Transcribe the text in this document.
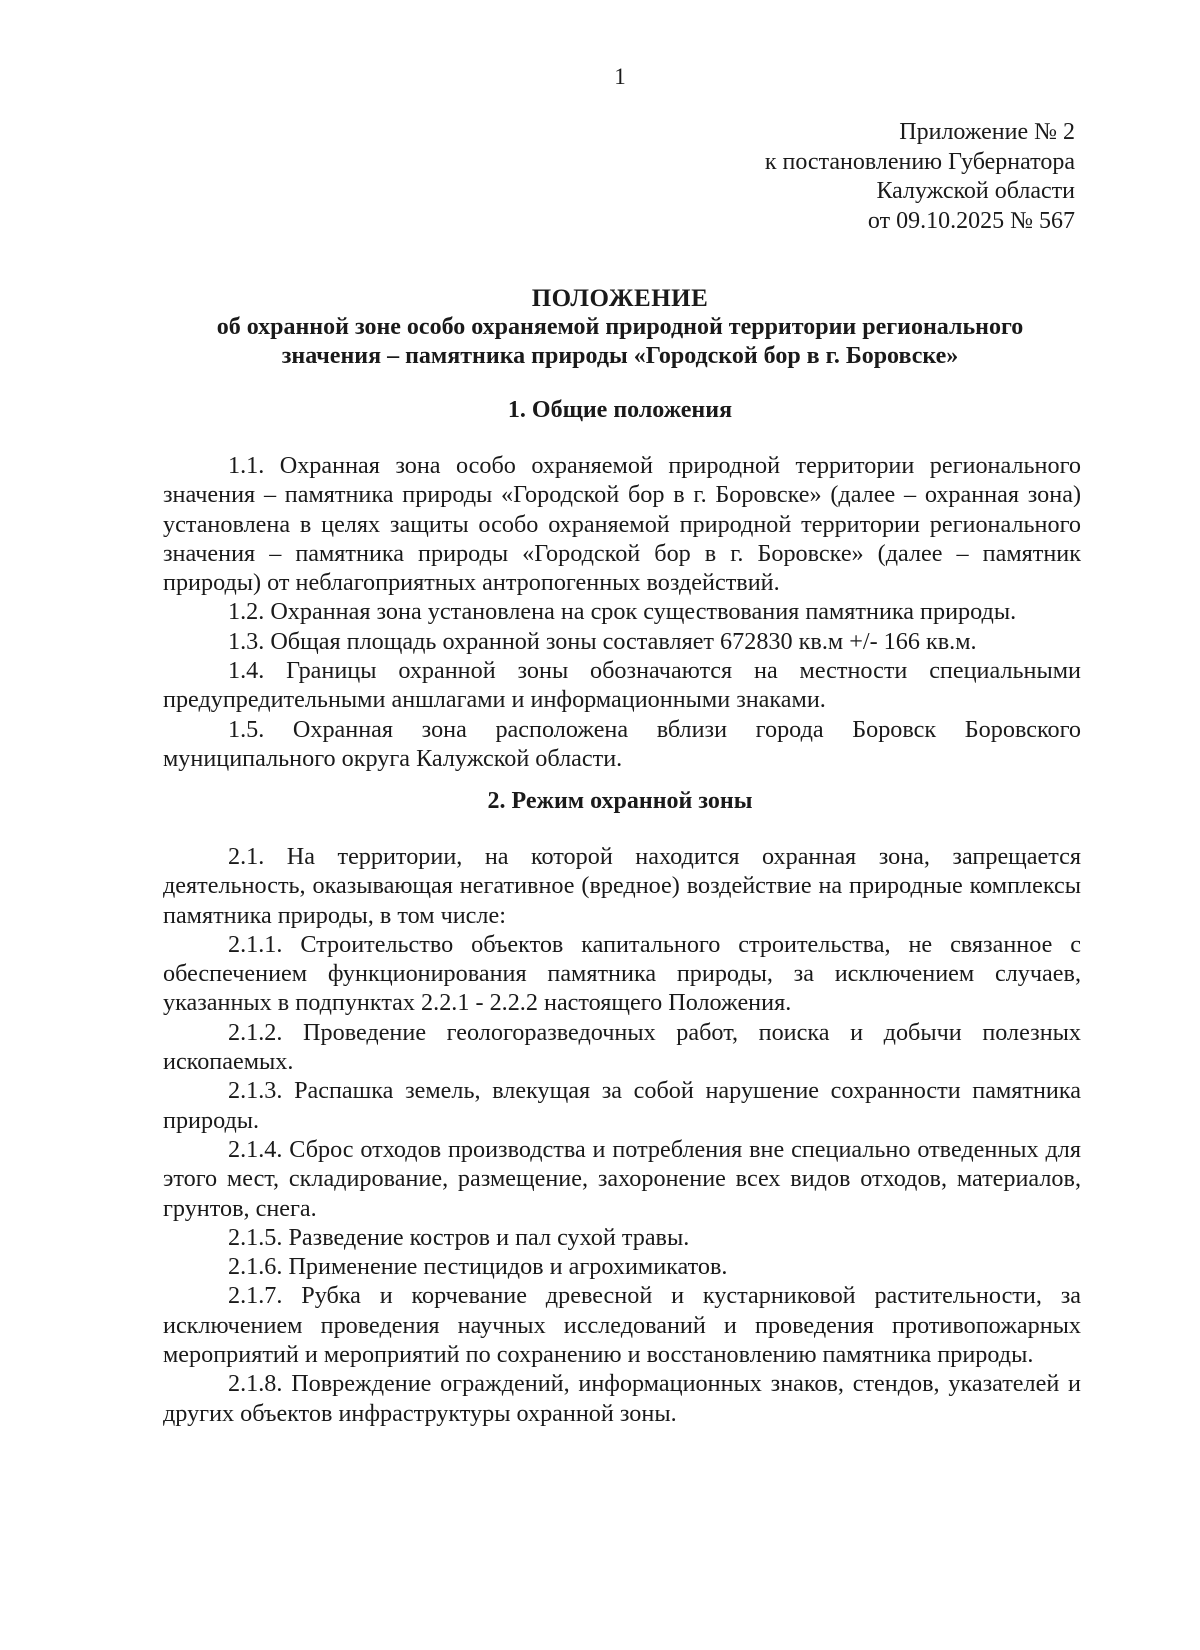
1
Приложение № 2
к постановлению Губернатора
Калужской области
от 09.10.2025 № 567
ПОЛОЖЕНИЕ
об охранной зоне особо охраняемой природной территории регионального
значения – памятника природы «Городской бор в г. Боровске»
1. Общие положения

1.1. Охранная зона особо охраняемой природной территории регионального значения – памятника природы «Городской бор в г. Боровске» (далее – охранная зона) установлена в целях защиты особо охраняемой природной территории регионального значения – памятника природы «Городской бор в г. Боровске» (далее – памятник природы) от неблагоприятных антропогенных воздействий.

1.2. Охранная зона установлена на срок существования памятника природы.

1.3. Общая площадь охранной зоны составляет 672830 кв.м +/- 166 кв.м.

1.4. Границы охранной зоны обозначаются на местности специальными предупредительными аншлагами и информационными знаками.

1.5. Охранная зона расположена вблизи города Боровск Боровского муниципального округа Калужской области.

2. Режим охранной зоны

2.1. На территории, на которой находится охранная зона, запрещается деятельность, оказывающая негативное (вредное) воздействие на природные комплексы памятника природы, в том числе:

2.1.1. Строительство объектов капитального строительства, не связанное с обеспечением функционирования памятника природы, за исключением случаев, указанных в подпунктах 2.2.1 - 2.2.2 настоящего Положения.

2.1.2. Проведение геологоразведочных работ, поиска и добычи полезных ископаемых.

2.1.3. Распашка земель, влекущая за собой нарушение сохранности памятника природы.

2.1.4. Сброс отходов производства и потребления вне специально отведенных для этого мест, складирование, размещение, захоронение всех видов отходов, материалов, грунтов, снега.

2.1.5. Разведение костров и пал сухой травы.

2.1.6. Применение пестицидов и агрохимикатов.

2.1.7. Рубка и корчевание древесной и кустарниковой растительности, за исключением проведения научных исследований и проведения противопожарных мероприятий и мероприятий по сохранению и восстановлению памятника природы.

2.1.8. Повреждение ограждений, информационных знаков, стендов, указателей и других объектов инфраструктуры охранной зоны.
